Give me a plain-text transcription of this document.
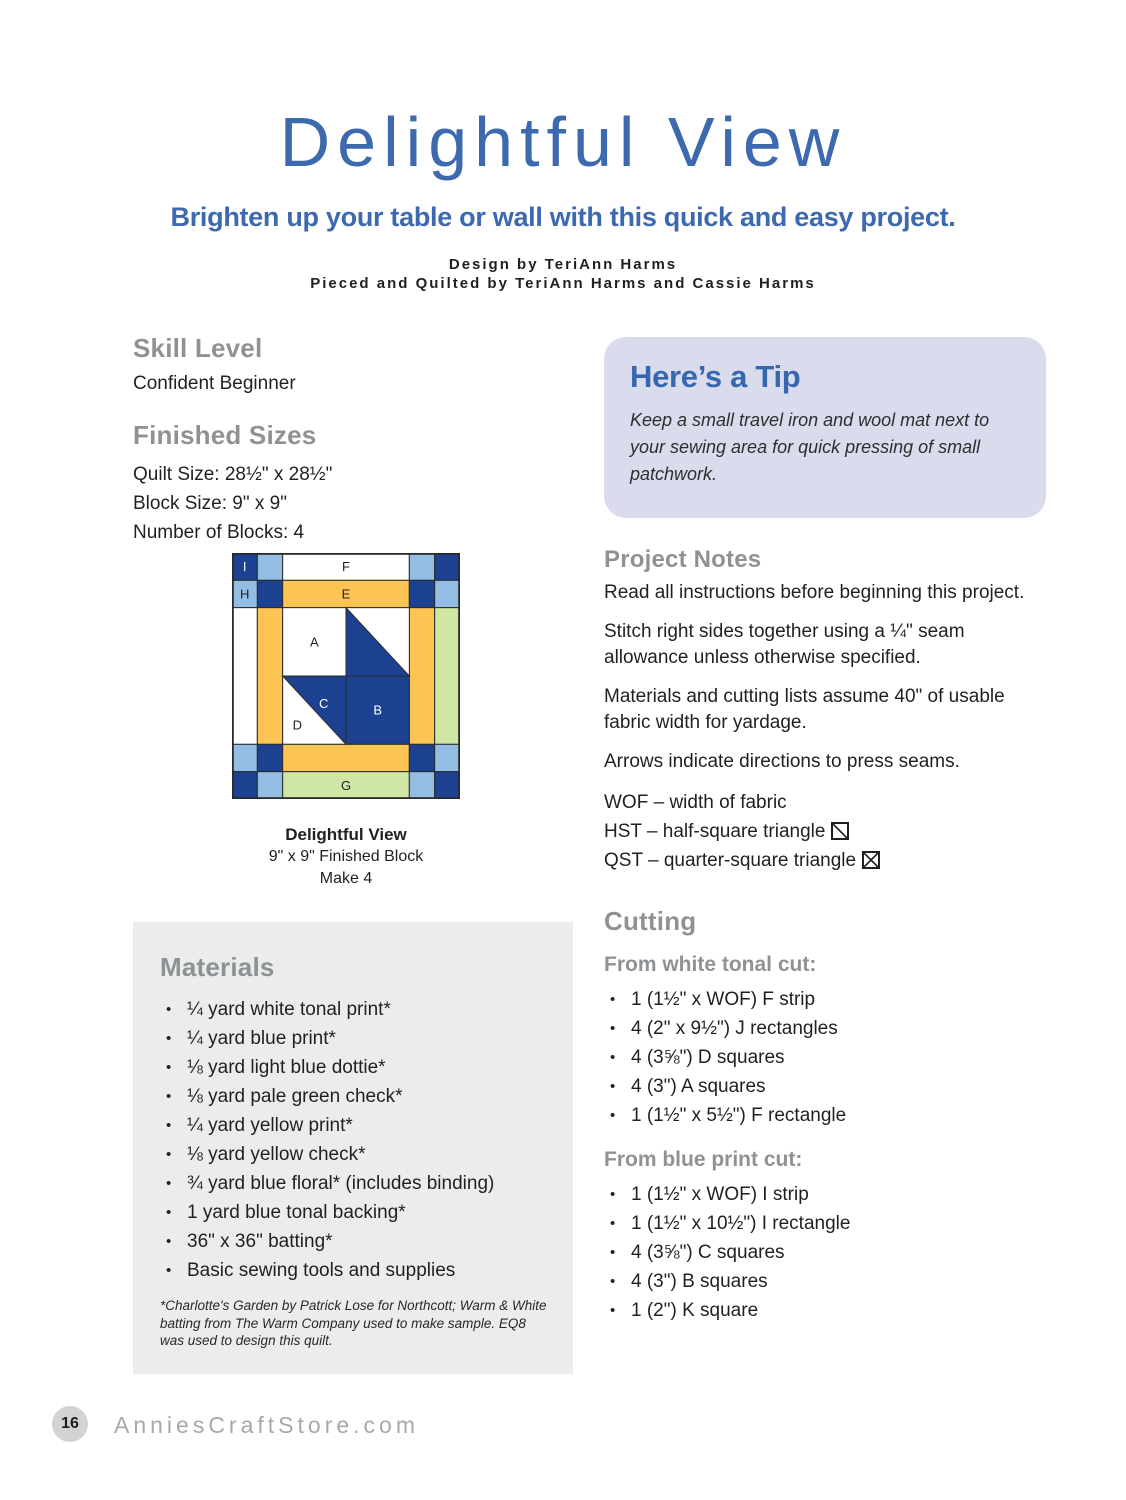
Delightful View
Brighten up your table or wall with this quick and easy project.
Design by TeriAnn Harms
Pieced and Quilted by TeriAnn Harms and Cassie Harms
Skill Level
Confident Beginner
Finished Sizes
Quilt Size: 28½" x 28½"
Block Size: 9" x 9"
Number of Blocks: 4
I	F
H	E
A
D
B
G
C
Delightful View
9" x 9" Finished Block
Make 4
Materials
• ¼ yard white tonal print*
• ¼ yard blue print*
• ⅛ yard light blue dottie*
• ⅛ yard pale green check*
• ¼ yard yellow print*
• ⅛ yard yellow check*
• ¾ yard blue floral* (includes binding)
• 1 yard blue tonal backing*
• 36" x 36" batting*
• Basic sewing tools and supplies
*Charlotte's Garden by Patrick Lose for Northcott; Warm & White batting from The Warm Company used to make sample. EQ8 was used to design this quilt.
Here’s a Tip
Keep a small travel iron and wool mat next to your sewing area for quick pressing of small patchwork.
Project Notes

Read all instructions before beginning this project.

Stitch right sides together using a ¼" seam allowance unless otherwise specified.

Materials and cutting lists assume 40" of usable fabric width for yardage.

Arrows indicate directions to press seams.

WOF – width of fabric
HST – half-square triangle
QST – quarter-square triangle
Cutting
From white tonal cut:
• 1 (1½" x WOF) F strip
• 4 (2" x 9½") J rectangles
• 4 (3⅝") D squares
• 4 (3") A squares
• 1 (1½" x 5½") F rectangle
From blue print cut:
• 1 (1½" x WOF) I strip
• 1 (1½" x 10½") I rectangle
• 4 (3⅝") C squares
• 4 (3") B squares
• 1 (2") K square
16	AnniesCraftStore.com
